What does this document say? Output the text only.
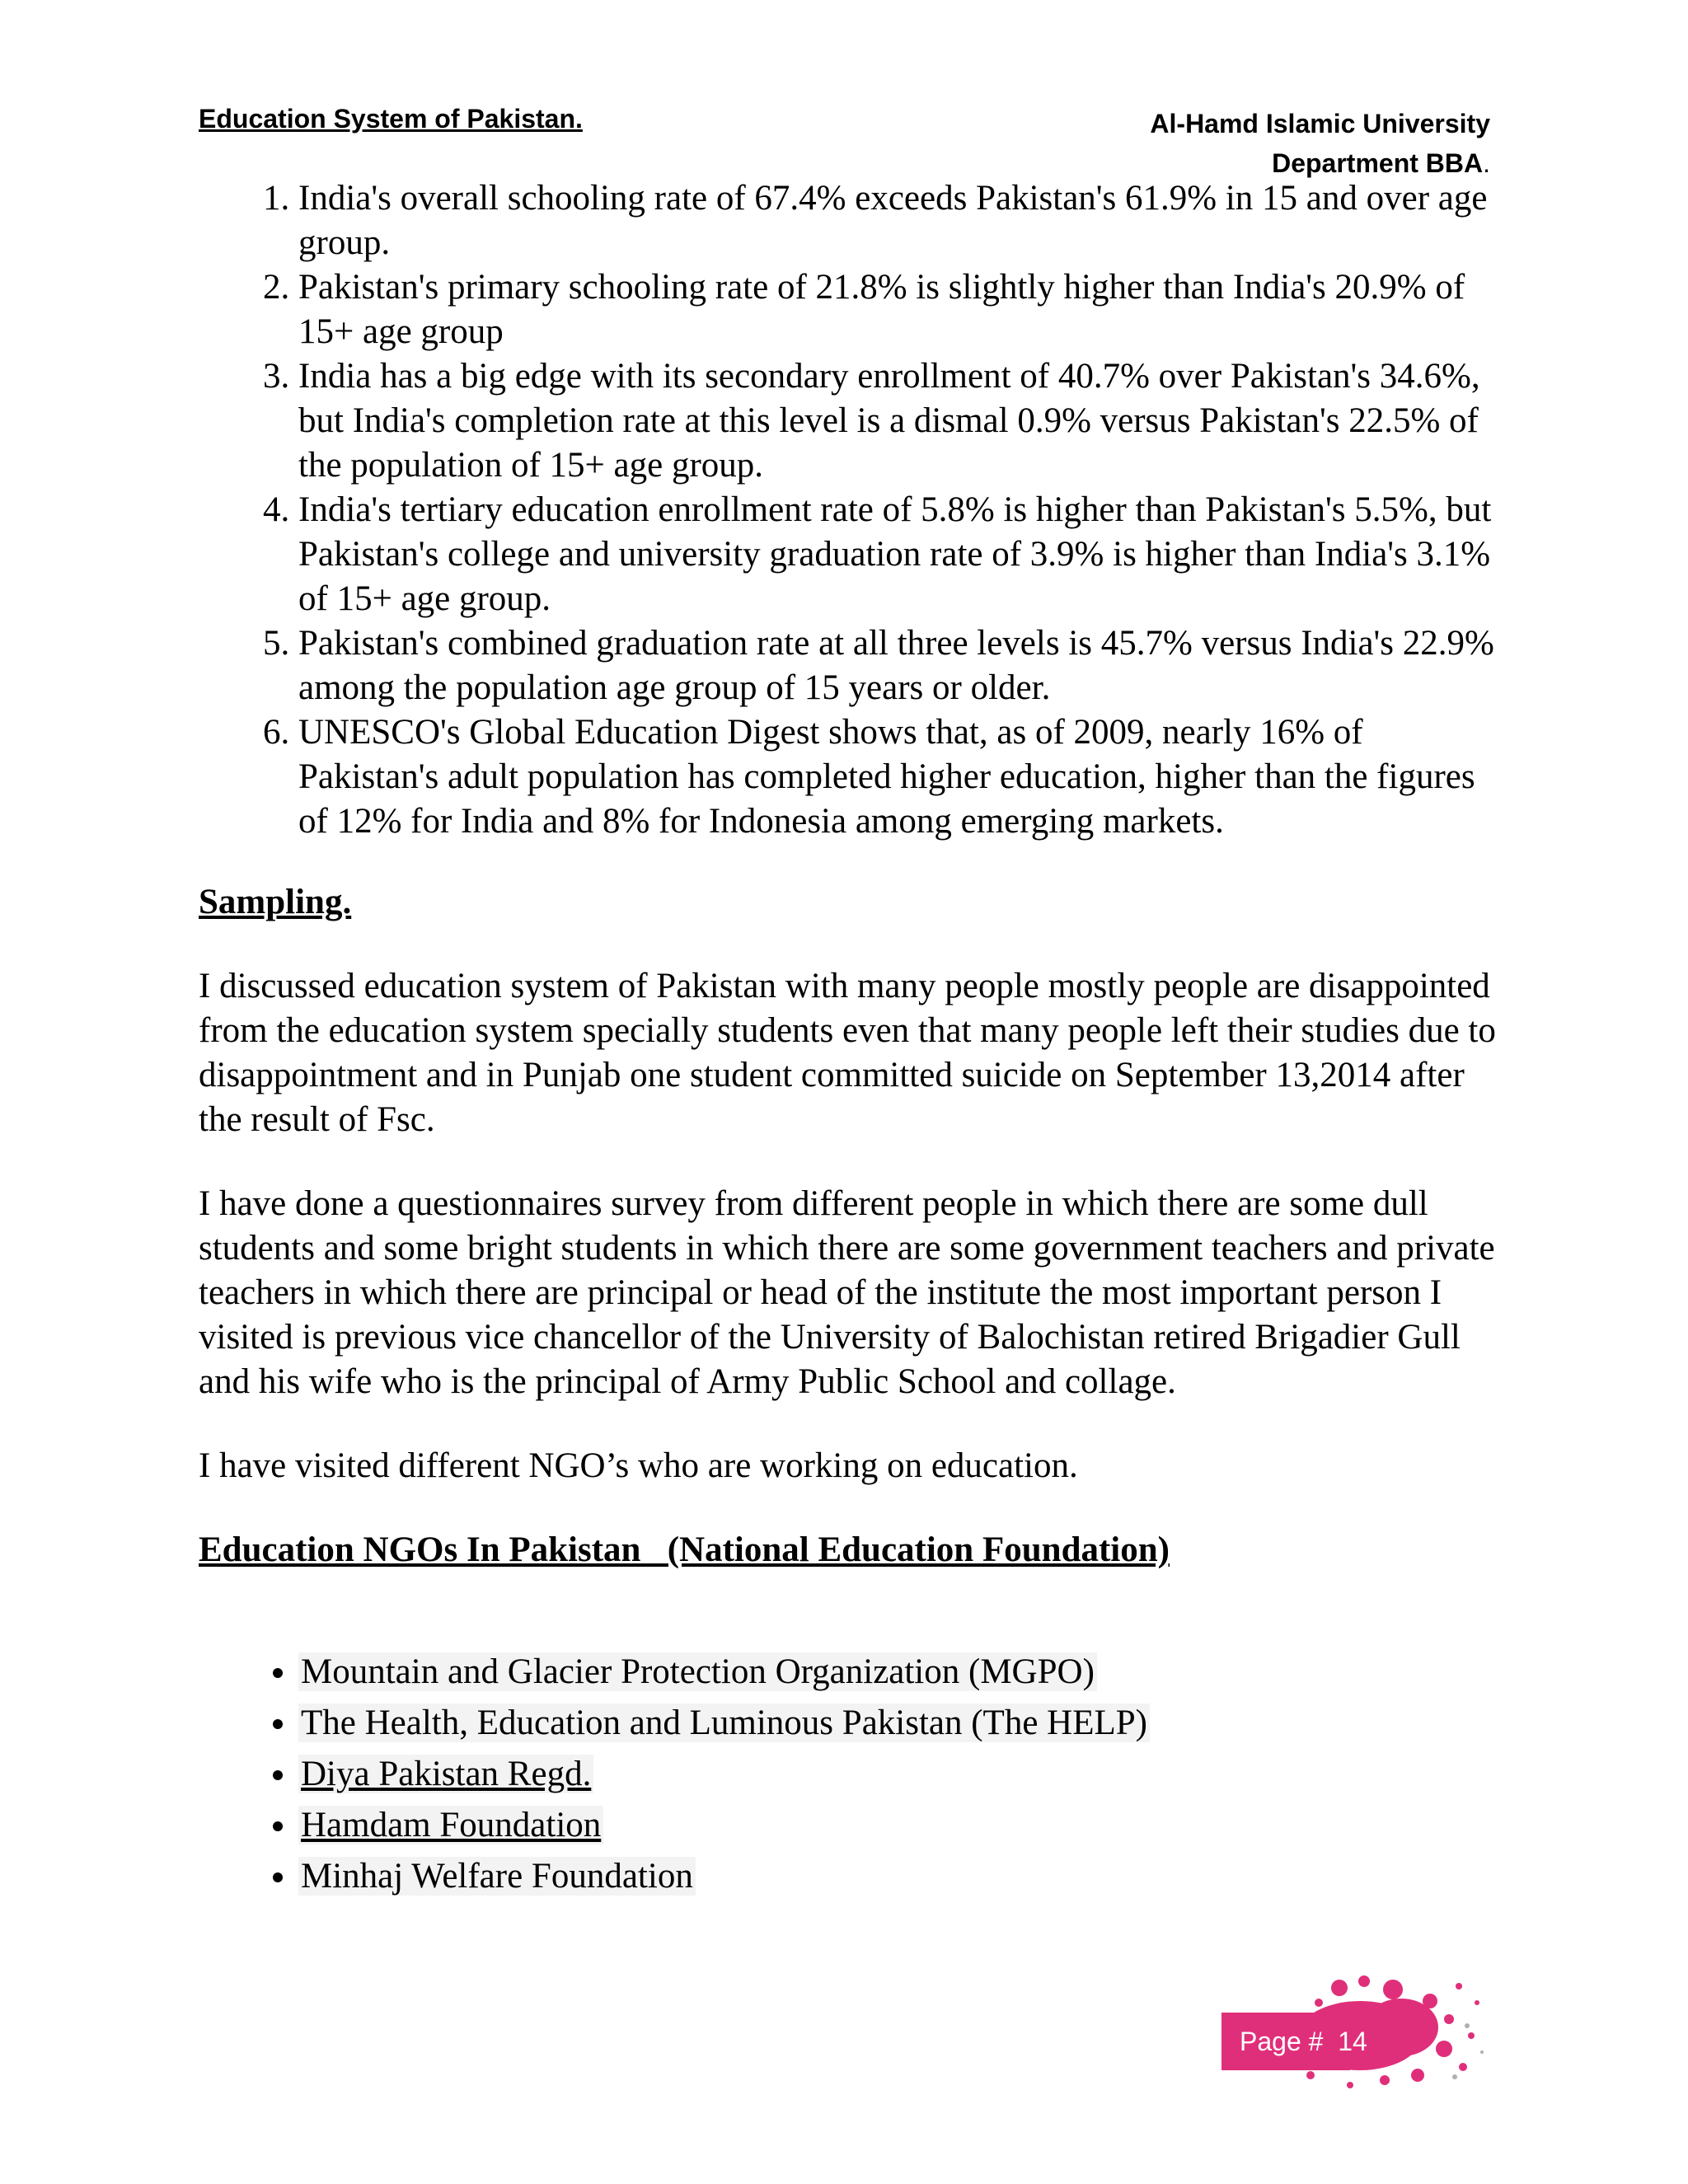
Education System of Pakistan.	Al-Hamd Islamic University
Department BBA.
1. India's overall schooling rate of 67.4% exceeds Pakistan's 61.9% in 15 and over age group.
2. Pakistan's primary schooling rate of 21.8% is slightly higher than India's 20.9% of 15+ age group
3. India has a big edge with its secondary enrollment of 40.7% over Pakistan's 34.6%, but India's completion rate at this level is a dismal 0.9% versus Pakistan's 22.5% of the population of 15+ age group.
4. India's tertiary education enrollment rate of 5.8% is higher than Pakistan's 5.5%, but Pakistan's college and university graduation rate of 3.9% is higher than India's 3.1% of 15+ age group.
5. Pakistan's combined graduation rate at all three levels is 45.7% versus India's 22.9% among the population age group of 15 years or older.
6. UNESCO's Global Education Digest shows that, as of 2009, nearly 16% of Pakistan's adult population has completed higher education, higher than the figures of 12% for India and 8% for Indonesia among emerging markets.
Sampling.

I discussed education system of Pakistan with many people mostly people are disappointed from the education system specially students even that many people left their studies due to disappointment and in Punjab one student committed suicide on September 13,2014 after the result of Fsc.

I have done a questionnaires survey from different people in which there are some dull students and some bright students in which there are some government teachers and private teachers in which there are principal or head of the institute the most important person I visited is previous vice chancellor of the University of Balochistan retired Brigadier Gull and his wife who is the principal of Army Public School and collage.

I have visited different NGO’s who are working on education.

Education NGOs In Pakistan   (National Education Foundation)
• Mountain and Glacier Protection Organization (MGPO)
• The Health, Education and Luminous Pakistan (The HELP)
• Diya Pakistan Regd.
• Hamdam Foundation
• Minhaj Welfare Foundation
Page #  14
